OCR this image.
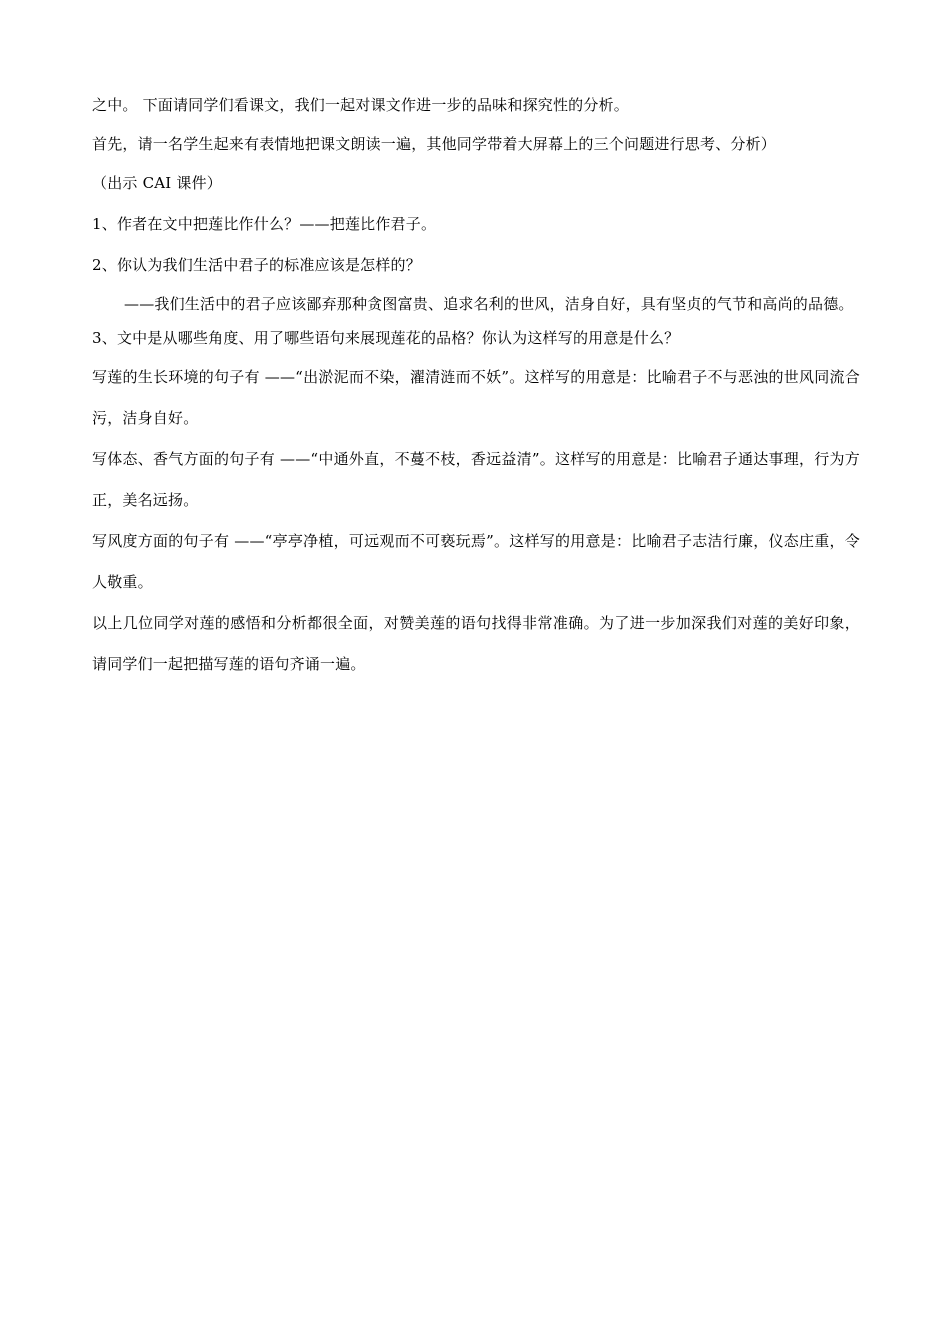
之中。 下面请同学们看课文，我们一起对课文作进一步的品味和探究性的分析。

首先，请一名学生起来有表情地把课文朗读一遍，其他同学带着大屏幕上的三个问题进行思考、分析）

（出示 CAI 课件）

1、作者在文中把莲比作什么？——把莲比作君子。

2、你认为我们生活中君子的标准应该是怎样的？

——我们生活中的君子应该鄙弃那种贪图富贵、追求名利的世风，洁身自好，具有坚贞的气节和高尚的品德。

3、文中是从哪些角度、用了哪些语句来展现莲花的品格？你认为这样写的用意是什么？

写莲的生长环境的句子有 ——“出淤泥而不染，濯清涟而不妖”。这样写的用意是：比喻君子不与恶浊的世风同流合污，洁身自好。

写体态、香气方面的句子有 ——“中通外直，不蔓不枝，香远益清”。这样写的用意是：比喻君子通达事理，行为方正，美名远扬。

写风度方面的句子有 ——“亭亭净植，可远观而不可亵玩焉”。这样写的用意是：比喻君子志洁行廉，仪态庄重，令人敬重。

以上几位同学对莲的感悟和分析都很全面，对赞美莲的语句找得非常准确。为了进一步加深我们对莲的美好印象，请同学们一起把描写莲的语句齐诵一遍。
